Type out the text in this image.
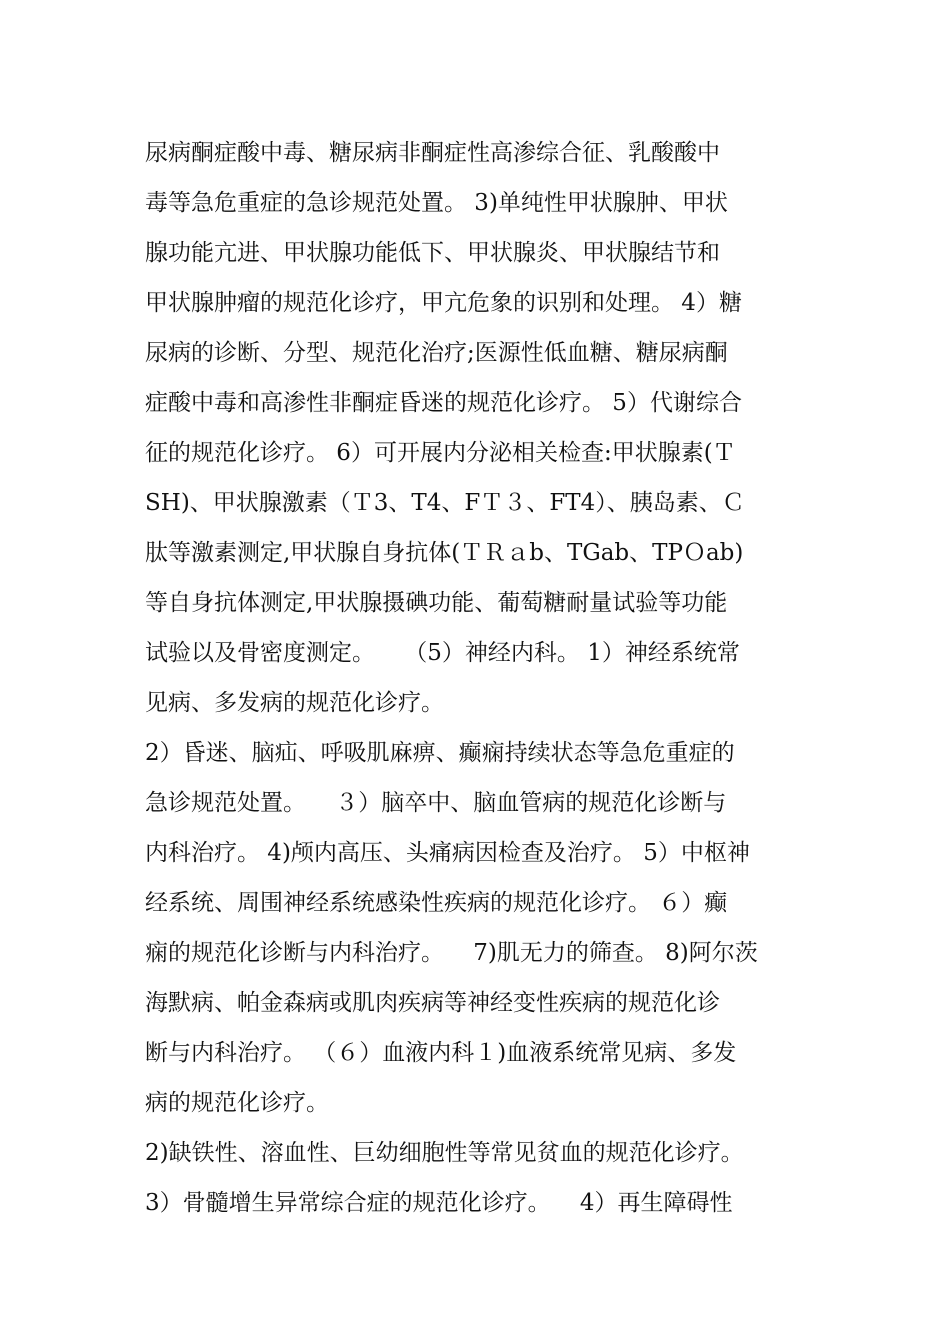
尿病酮症酸中毒、糖尿病非酮症性高渗综合征、乳酸酸中
毒等急危重症的急诊规范处置。 3)单纯性甲状腺肿、甲状
腺功能亢进、甲状腺功能低下、甲状腺炎、甲状腺结节和
甲状腺肿瘤的规范化诊疗，甲亢危象的识别和处理。 4）糖
尿病的诊断、分型、规范化治疗;医源性低血糖、糖尿病酮
症酸中毒和高渗性非酮症昏迷的规范化诊疗。 5）代谢综合
征的规范化诊疗。 6）可开展内分泌相关检查:甲状腺素(Ｔ
SH)、甲状腺激素（Ｔ3、T4、FＴ３、FT4）、胰岛素、Ｃ
肽等激素测定,甲状腺自身抗体(ＴＲａb、TGab、TPＯab)
等自身抗体测定,甲状腺摄碘功能、葡萄糖耐量试验等功能
试验以及骨密度测定。    （5）神经内科。 1）神经系统常
见病、多发病的规范化诊疗。
2）昏迷、脑疝、呼吸肌麻痹、癫痫持续状态等急危重症的
急诊规范处置。    ３）脑卒中、脑血管病的规范化诊断与
内科治疗。 4)颅内高压、头痛病因检查及治疗。 5）中枢神
经系统、周围神经系统感染性疾病的规范化诊疗。 ６）癫
痫的规范化诊断与内科治疗。    7)肌无力的筛查。 8)阿尔茨
海默病、帕金森病或肌肉疾病等神经变性疾病的规范化诊
断与内科治疗。 （６）血液内科１)血液系统常见病、多发
病的规范化诊疗。
2)缺铁性、溶血性、巨幼细胞性等常见贫血的规范化诊疗。
3）骨髓增生异常综合症的规范化诊疗。    4）再生障碍性
